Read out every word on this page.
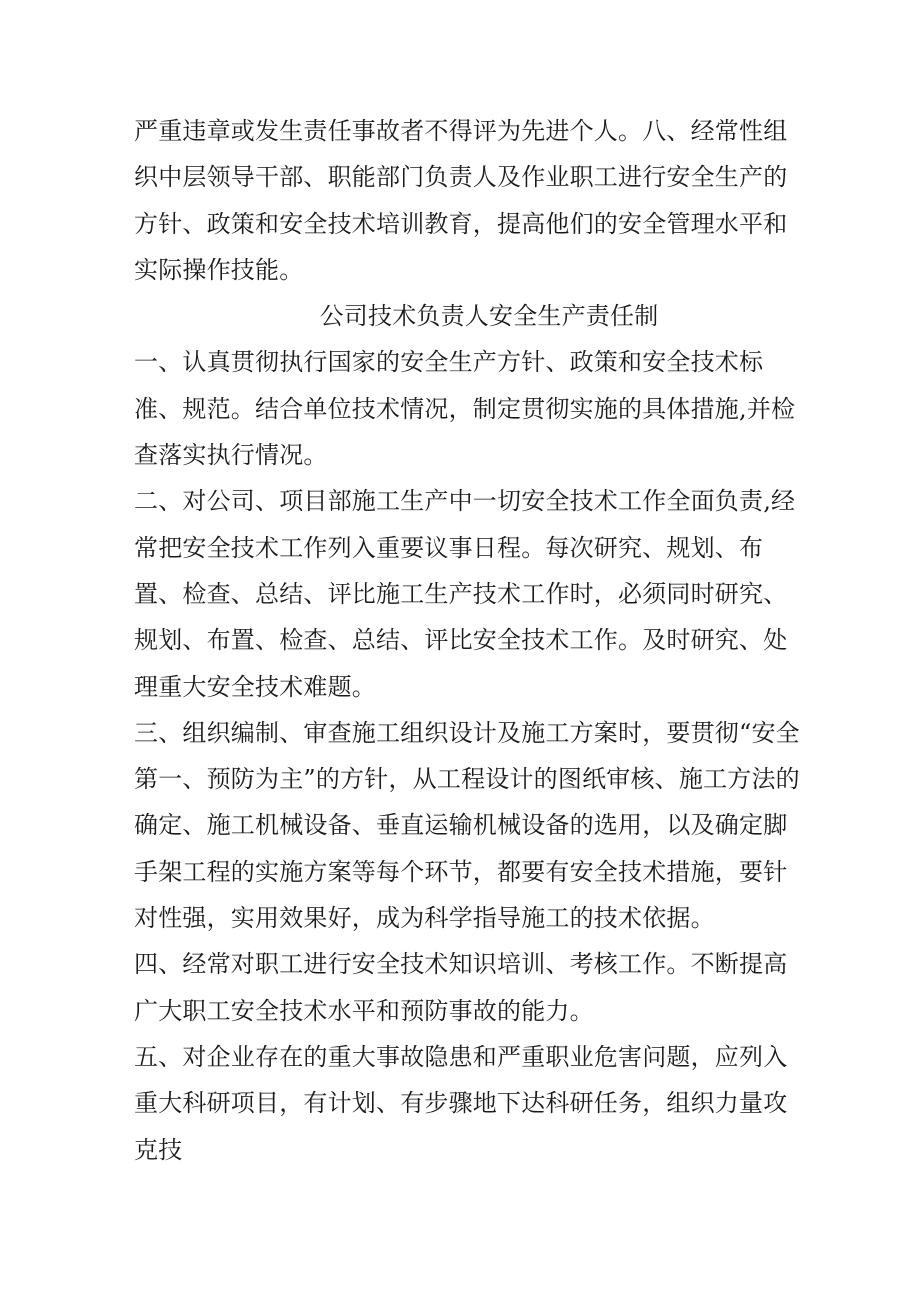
严重违章或发生责任事故者不得评为先进个人。八、经常性组织中层领导干部、职能部门负责人及作业职工进行安全生产的方针、政策和安全技术培训教育，提高他们的安全管理水平和实际操作技能。

公司技术负责人安全生产责任制

一、认真贯彻执行国家的安全生产方针、政策和安全技术标准、规范。结合单位技术情况，制定贯彻实施的具体措施,并检查落实执行情况。

二、对公司、项目部施工生产中一切安全技术工作全面负责,经常把安全技术工作列入重要议事日程。每次研究、规划、布置、检查、总结、评比施工生产技术工作时，必须同时研究、规划、布置、检查、总结、评比安全技术工作。及时研究、处理重大安全技术难题。

三、组织编制、审查施工组织设计及施工方案时，要贯彻“安全第一、预防为主”的方针，从工程设计的图纸审核、施工方法的确定、施工机械设备、垂直运输机械设备的选用，以及确定脚手架工程的实施方案等每个环节，都要有安全技术措施，要针对性强，实用效果好，成为科学指导施工的技术依据。

四、经常对职工进行安全技术知识培训、考核工作。不断提高广大职工安全技术水平和预防事故的能力。

五、对企业存在的重大事故隐患和严重职业危害问题，应列入重大科研项目，有计划、有步骤地下达科研任务，组织力量攻克技
